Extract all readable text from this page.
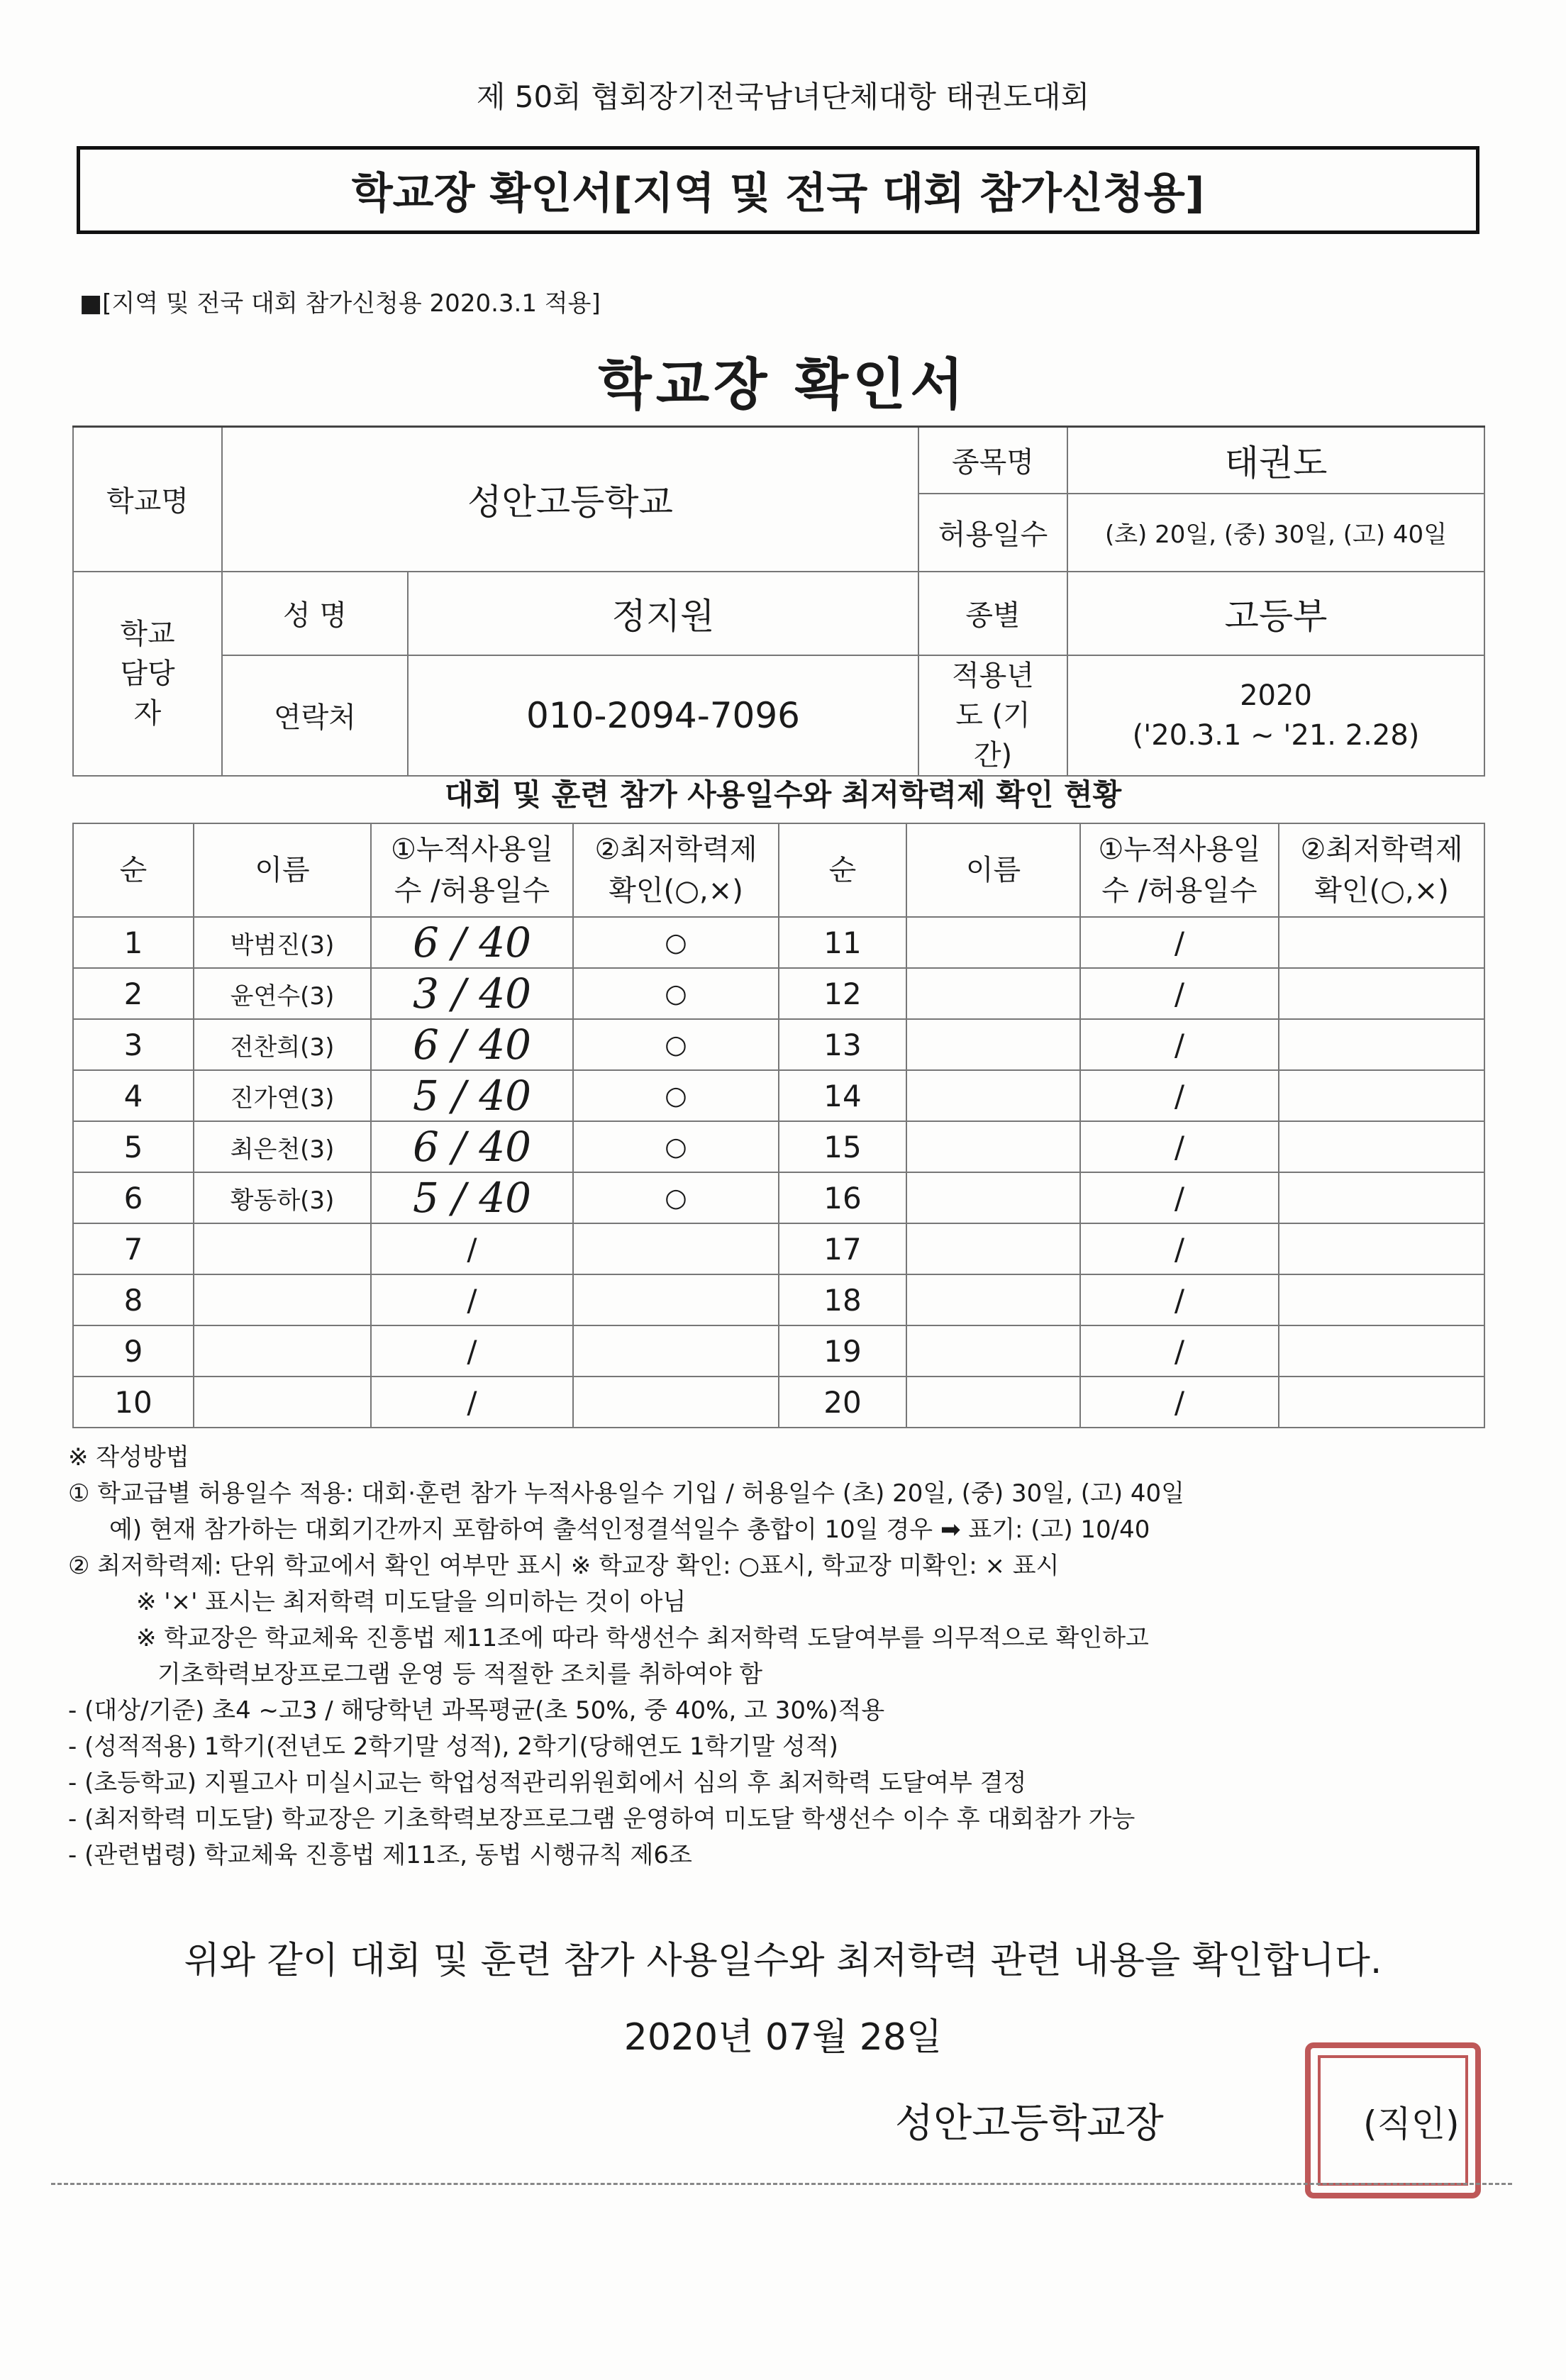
제 50회 협회장기전국남녀단체대항 태권도대회
학교장 확인서[지역 및 전국 대회 참가신청용]
■[지역 및 전국 대회 참가신청용 2020.3.1 적용]
학교장 확인서
학교명	성안고등학교		종목명	태권도
			허용일수	(초) 20일, (중) 30일, (고) 40일
학교 담당자	성 명	정지원	종별	고등부
	연락처	010-2094-7096	적용년도 (기간)	2020
('20.3.1 ~ '21. 2.28)
대회 및 훈련 참가 사용일수와 최저학력제 확인 현황
순	이름	①누적사용일수 /허용일수	②최저학력제 확인(○,×)	순	이름	①누적사용일수 /허용일수	②최저학력제 확인(○,×)
1	박범진(3)	6 / 40	○	11		/	
2	윤연수(3)	3 / 40	○	12		/	
3	전찬희(3)	6 / 40	○	13		/	
4	진가연(3)	5 / 40	○	14		/	
5	최은천(3)	6 / 40	○	15		/	
6	황동하(3)	5 / 40	○	16		/	
7		/		17		/	
8		/		18		/	
9		/		19		/	
10		/		20		/	
※ 작성방법
① 학교급별 허용일수 적용: 대회·훈련 참가 누적사용일수 기입 / 허용일수 (초) 20일, (중) 30일, (고) 40일
예) 현재 참가하는 대회기간까지 포함하여 출석인정결석일수 총합이 10일 경우 ➡ 표기: (고) 10/40
② 최저학력제: 단위 학교에서 확인 여부만 표시 ※ 학교장 확인: ○표시, 학교장 미확인: × 표시
※ '×' 표시는 최저학력 미도달을 의미하는 것이 아님
※ 학교장은 학교체육 진흥법 제11조에 따라 학생선수 최저학력 도달여부를 의무적으로 확인하고
기초학력보장프로그램 운영 등 적절한 조치를 취하여야 함
- (대상/기준) 초4 ~고3 / 해당학년 과목평균(초 50%, 중 40%, 고 30%)적용
- (성적적용) 1학기(전년도 2학기말 성적), 2학기(당해연도 1학기말 성적)
- (초등학교) 지필고사 미실시교는 학업성적관리위원회에서 심의 후 최저학력 도달여부 결정
- (최저학력 미도달) 학교장은 기초학력보장프로그램 운영하여 미도달 학생선수 이수 후 대회참가 가능
- (관련법령) 학교체육 진흥법 제11조, 동법 시행규칙 제6조
위와 같이 대회 및 훈련 참가 사용일수와 최저학력 관련 내용을 확인합니다.
2020년 07월 28일
성안고등학교장	(직인)
